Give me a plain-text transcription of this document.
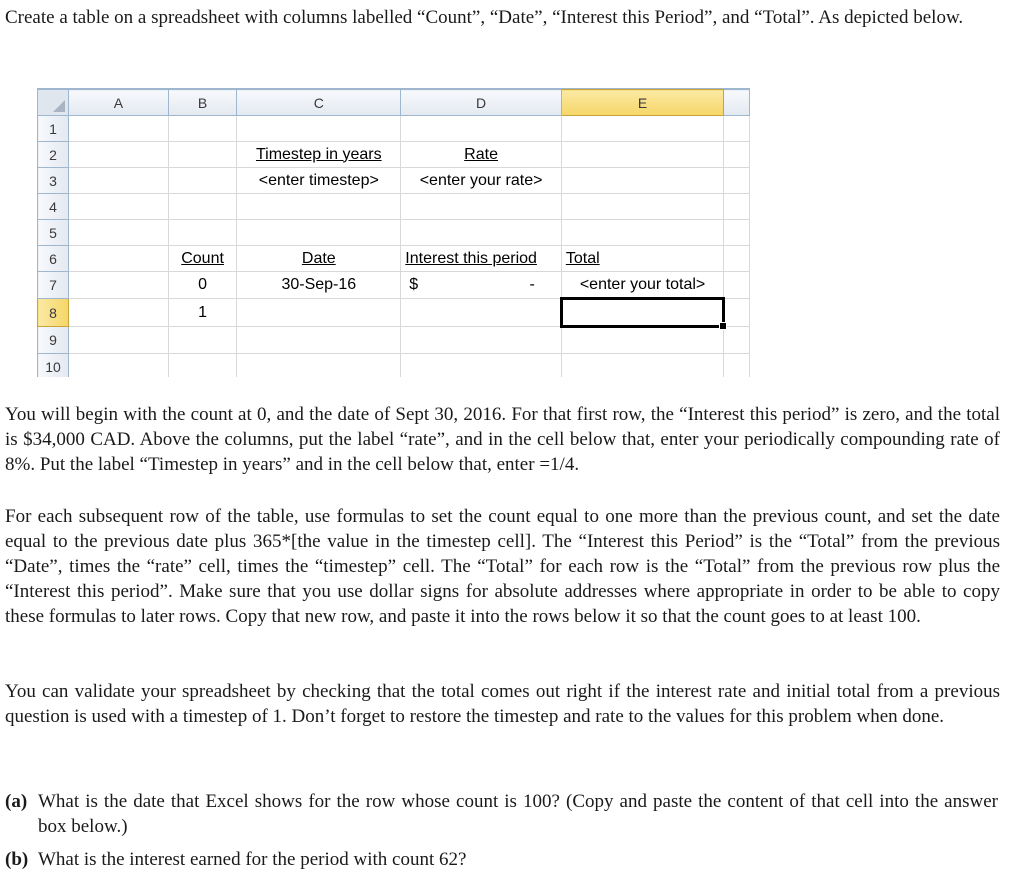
Create a table on a spreadsheet with columns labelled “Count”, “Date”, “Interest this Period”, and “Total”. As depicted below.

	A	B	C	D	E	
1						
2			Timestep in years	Rate		
3			<enter timestep>	<enter your rate>		
4						
5						
6		Count	Date	Interest this period	Total	
7		0	30-Sep-16	$ -	<enter your total>	
8		1			

9						
10						

You will begin with the count at 0, and the date of Sept 30, 2016. For that first row, the “Interest this period” is zero, and the total is $34,000 CAD. Above the columns, put the label “rate”, and in the cell below that, enter your periodically compounding rate of 8%. Put the label “Timestep in years” and in the cell below that, enter =1/4.

For each subsequent row of the table, use formulas to set the count equal to one more than the previous count, and set the date equal to the previous date plus 365*[the value in the timestep cell]. The “Interest this Period” is the “Total” from the previous “Date”, times the “rate” cell, times the “timestep” cell. The “Total” for each row is the “Total” from the previous row plus the “Interest this period”. Make sure that you use dollar signs for absolute addresses where appropriate in order to be able to copy these formulas to later rows. Copy that new row, and paste it into the rows below it so that the count goes to at least 100.

You can validate your spreadsheet by checking that the total comes out right if the interest rate and initial total from a previous question is used with a timestep of 1. Don’t forget to restore the timestep and rate to the values for this problem when done.

(a) What is the date that Excel shows for the row whose count is 100? (Copy and paste the content of that cell into the answer box below.)
(b) What is the interest earned for the period with count 62?
